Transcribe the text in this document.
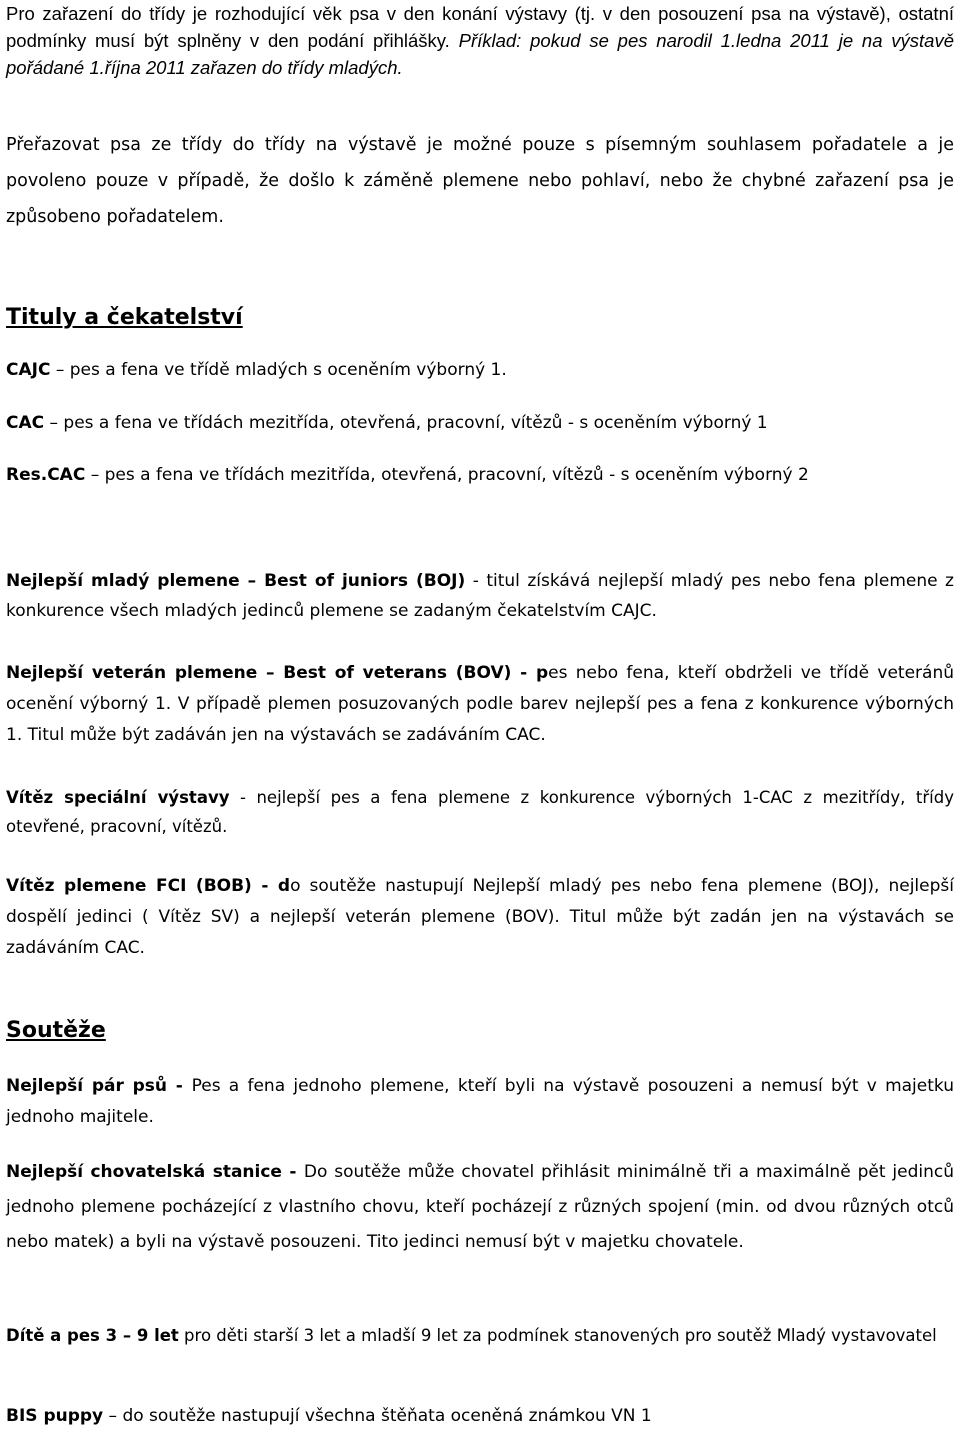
Pro zařazení do třídy je rozhodující věk psa v den konání výstavy (tj. v den posouzení psa na výstavě), ostatní podmínky musí být splněny v den podání přihlášky. Příklad: pokud se pes narodil 1.ledna 2011 je na výstavě pořádané 1.října 2011 zařazen do třídy mladých.

Přeřazovat psa ze třídy do třídy na výstavě je možné pouze s písemným souhlasem pořadatele a je povoleno pouze v případě, že došlo k záměně plemene nebo pohlaví, nebo že chybné zařazení psa je způsobeno pořadatelem.

Tituly a čekatelství

CAJC – pes a fena ve třídě mladých s oceněním výborný 1.

CAC – pes a fena ve třídách mezitřída, otevřená, pracovní, vítězů - s oceněním výborný 1

Res.CAC – pes a fena ve třídách mezitřída, otevřená, pracovní, vítězů - s oceněním výborný 2

Nejlepší mladý plemene – Best of juniors (BOJ) - titul získává nejlepší mladý pes nebo fena plemene z konkurence všech mladých jedinců plemene se zadaným čekatelstvím CAJC.

Nejlepší veterán plemene – Best of veterans (BOV) - pes nebo fena, kteří obdrželi ve třídě veteránů ocenění výborný 1. V případě plemen posuzovaných podle barev nejlepší pes a fena z konkurence výborných 1. Titul může být zadáván jen na výstavách se zadáváním CAC.

Vítěz speciální výstavy - nejlepší pes a fena plemene z konkurence výborných 1-CAC z mezitřídy, třídy otevřené, pracovní, vítězů.

Vítěz plemene FCI (BOB) - do soutěže nastupují Nejlepší mladý pes nebo fena plemene (BOJ), nejlepší dospělí jedinci ( Vítěz SV) a nejlepší veterán plemene (BOV). Titul může být zadán jen na výstavách se zadáváním CAC.

Soutěže

Nejlepší pár psů - Pes a fena jednoho plemene, kteří byli na výstavě posouzeni a nemusí být v majetku jednoho majitele.

Nejlepší chovatelská stanice - Do soutěže může chovatel přihlásit minimálně tři a maximálně pět jedinců jednoho plemene pocházející z vlastního chovu, kteří pocházejí z různých spojení (min. od dvou různých otců nebo matek) a byli na výstavě posouzeni. Tito jedinci nemusí být v majetku chovatele.

Dítě a pes 3 – 9 let pro děti starší 3 let a mladší 9 let za podmínek stanovených pro soutěž Mladý vystavovatel

BIS puppy – do soutěže nastupují všechna štěňata oceněná známkou VN 1
